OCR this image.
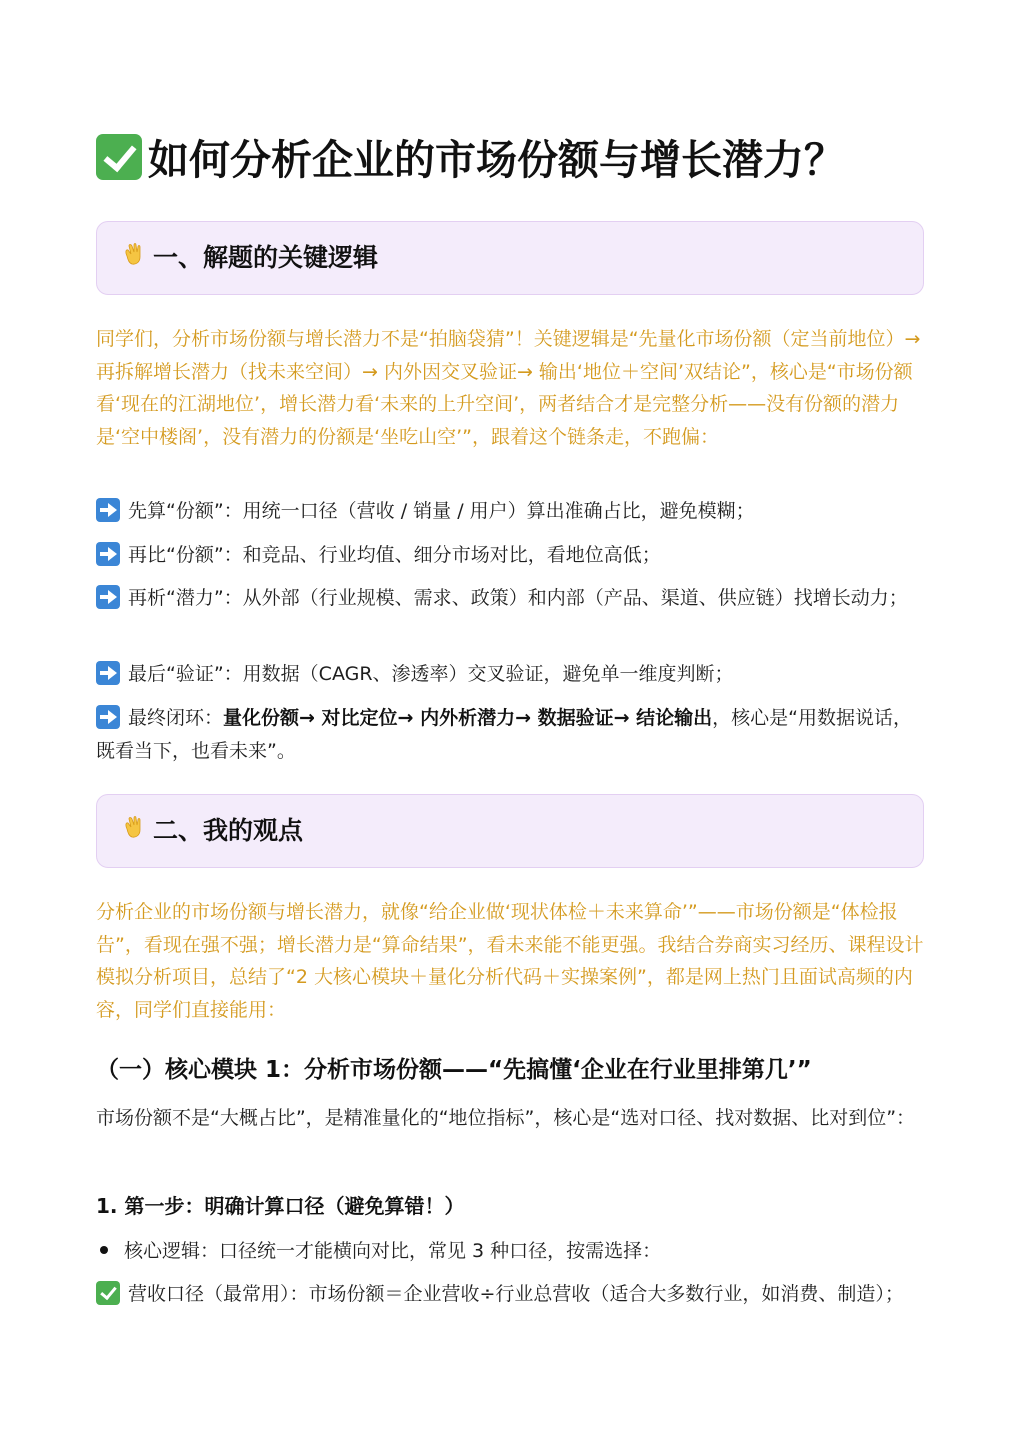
如何分析企业的市场份额与增长潜力？
一、解题的关键逻辑
同学们，分析市场份额与增长潜力不是“拍脑袋猜”！关键逻辑是“先量化市场份额（定当前地位）→ 再拆解增长潜力（找未来空间）→ 内外因交叉验证→ 输出‘地位＋空间’双结论”，核心是“市场份额看‘现在的江湖地位’，增长潜力看‘未来的上升空间’，两者结合才是完整分析——没有份额的潜力是‘空中楼阁’，没有潜力的份额是‘坐吃山空’”，跟着这个链条走，不跑偏：
先算“份额”：用统一口径（营收 / 销量 / 用户）算出准确占比，避免模糊；
再比“份额”：和竞品、行业均值、细分市场对比，看地位高低；
再析“潜力”：从外部（行业规模、需求、政策）和内部（产品、渠道、供应链）找增长动力；
最后“验证”：用数据（CAGR、渗透率）交叉验证，避免单一维度判断；
最终闭环：量化份额→ 对比定位→ 内外析潜力→ 数据验证→ 结论输出，核心是“用数据说话，既看当下，也看未来”。
二、我的观点
分析企业的市场份额与增长潜力，就像“给企业做‘现状体检＋未来算命’”——市场份额是“体检报告”，看现在强不强；增长潜力是“算命结果”，看未来能不能更强。我结合券商实习经历、课程设计模拟分析项目，总结了“2 大核心模块＋量化分析代码＋实操案例”，都是网上热门且面试高频的内容，同学们直接能用：
（一）核心模块 1：分析市场份额——“先搞懂‘企业在行业里排第几’”
市场份额不是“大概占比”，是精准量化的“地位指标”，核心是“选对口径、找对数据、比对到位”：
1. 第一步：明确计算口径（避免算错！）
核心逻辑：口径统一才能横向对比，常见 3 种口径，按需选择：
营收口径（最常用）：市场份额＝企业营收÷行业总营收（适合大多数行业，如消费、制造）；
